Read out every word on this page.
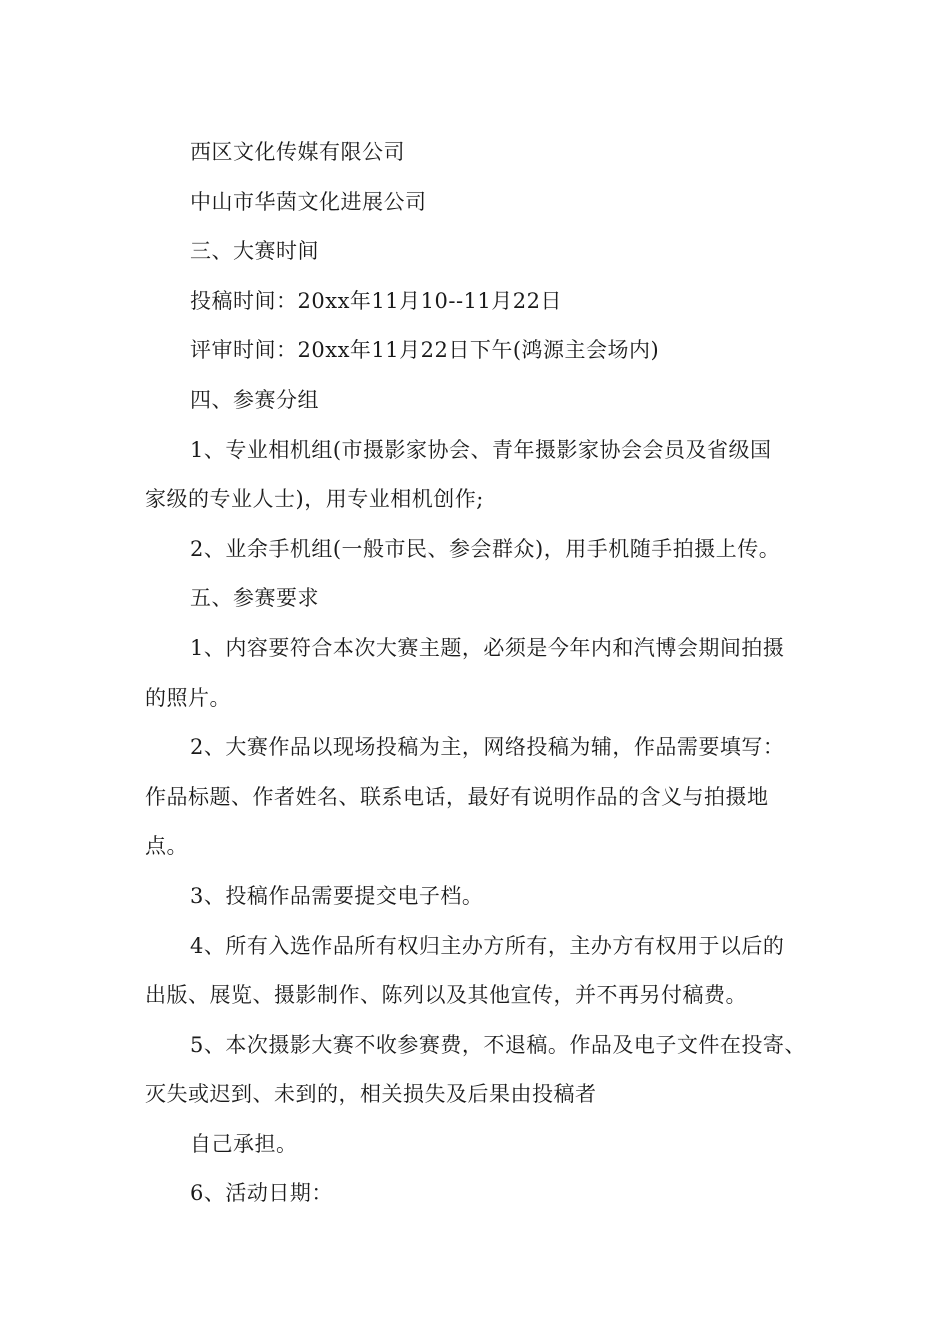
西区文化传媒有限公司
中山市华茵文化进展公司
三、大赛时间
投稿时间：20xx年11月10--11月22日
评审时间：20xx年11月22日下午(鸿源主会场内)
四、参赛分组
1、专业相机组(市摄影家协会、青年摄影家协会会员及省级国
家级的专业人士)，用专业相机创作;
2、业余手机组(一般市民、参会群众)，用手机随手拍摄上传。
五、参赛要求
1、内容要符合本次大赛主题，必须是今年内和汽博会期间拍摄
的照片。
2、大赛作品以现场投稿为主，网络投稿为辅，作品需要填写：
作品标题、作者姓名、联系电话，最好有说明作品的含义与拍摄地
点。
3、投稿作品需要提交电子档。
4、所有入选作品所有权归主办方所有，主办方有权用于以后的
出版、展览、摄影制作、陈列以及其他宣传，并不再另付稿费。
5、本次摄影大赛不收参赛费，不退稿。作品及电子文件在投寄、
灭失或迟到、未到的，相关损失及后果由投稿者
自己承担。
6、活动日期：
